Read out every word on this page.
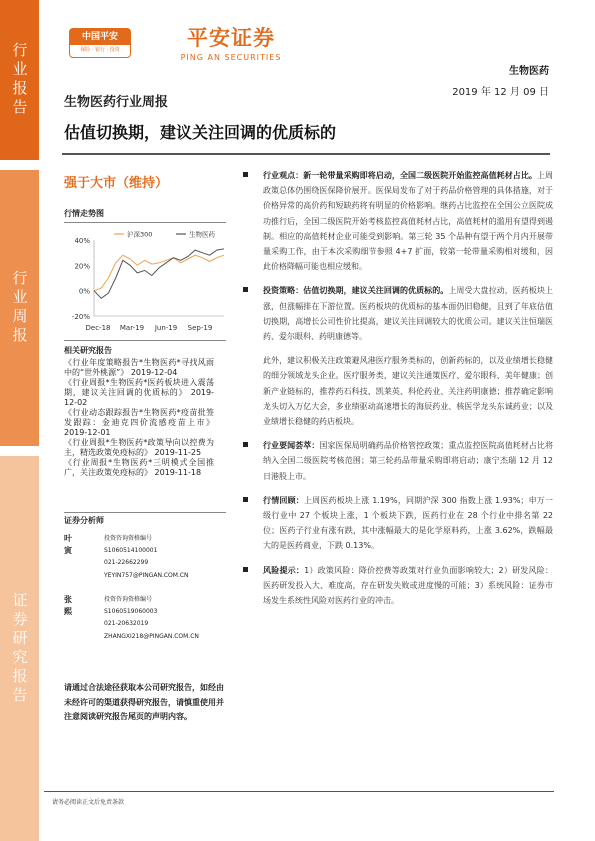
行业报告
行业周报
证券研究报告
中国平安
保险 · 银行 · 投资	平安证券
PING AN SECURITIES
生物医药
2019 年 12 月 09 日
生物医药行业周报
估值切换期，建议关注回调的优质标的
强于大市（维持）
行情走势图
40%
20%
0%
-20%
Dec-18 Mar-19 Jun-19 Sep-19
沪深300	生物医药
相关研究报告

《行业年度策略报告*生物医药*寻找风雨中的“世外桃源”》 2019-12-04

《行业周报*生物医药*医药板块进入震荡期，建议关注回调的优质标的》 2019-12-02

《行业动态跟踪报告*生物医药*疫苗批签发跟踪：金迪克四价流感疫苗上市》 2019-12-01

《行业周报*生物医药*政策导向以控费为主，精选政策免疫标的》 2019-11-25

《行业周报*生物医药*三明模式全国推广，关注政策免疫标的》 2019-11-18

证券分析师
叶寅
投资咨询资格编号
S1060514100001
021-22662299
YEYIN757@PINGAN.COM.CN
张熙
投资咨询资格编号
S1060519060003
021-20632019
ZHANGXI218@PINGAN.COM.CN
请通过合法途径获取本公司研究报告，如经由未经许可的渠道获得研究报告，请慎重使用并注意阅读研究报告尾页的声明内容。
行业观点：新一轮带量采购即将启动，全国二级医院开始监控高值耗材占比。上周政策总体仍围绕医保降价展开。医保局发布了对于药品价格管理的具体措施，对于价格异常的高价药和短缺药将有明显的价格影响。继药占比监控在全国公立医院成功推行后，全国二级医院开始考核监控高值耗材占比，高值耗材的滥用有望得到遏制。相应的高值耗材企业可能受到影响。第三轮 35 个品种有望于两个月内开展带量采购工作，由于本次采购细节参照 4+7 扩面，较第一轮带量采购相对缓和，因此价格降幅可能也相应缓和。
投资策略：估值切换期，建议关注回调的优质标的。上周受大盘拉动，医药板块上涨，但涨幅排在下游位置。医药板块的优质标的基本面仍旧稳健，且到了年底估值切换期，高增长公司性价比提高，建议关注回调较大的优质公司。建议关注恒瑞医药、爱尔眼科、药明康德等。
此外，建议积极关注政策避风港医疗服务类标的，创新药标的，以及业绩增长稳健的细分领域龙头企业。医疗服务类，建议关注通策医疗、爱尔眼科、美年健康；创新产业链标的，推荐药石科技、凯莱英、科伦药业、关注药明康德；推荐确定影响龙头切入万亿大会，多业绩驱动高速增长的海辰药业、核医学龙头东诚药业；以及业绩增长稳健的药店板块。
行业要闻荟萃：国家医保局明确药品价格管控政策；重点监控医院高值耗材占比将纳入全国二级医院考核范围；第三轮药品带量采购即将启动；康宁杰瑞 12 月 12 日港股上市。
行情回顾：上周医药板块上涨 1.19%，同期沪深 300 指数上涨 1.93%；申万一级行业中 27 个板块上涨，1 个板块下跌，医药行业在 28 个行业中排名第 22 位；医药子行业有涨有跌，其中涨幅最大的是化学原料药，上涨 3.62%，跌幅最大的是医药商业，下跌 0.13%。
风险提示：1）政策风险：降价控费等政策对行业负面影响较大；2）研发风险：医药研发投入大、难度高，存在研发失败或进度慢的可能；3）系统风险：证券市场发生系统性风险对医药行业的冲击。
请务必阅读正文后免责条款
